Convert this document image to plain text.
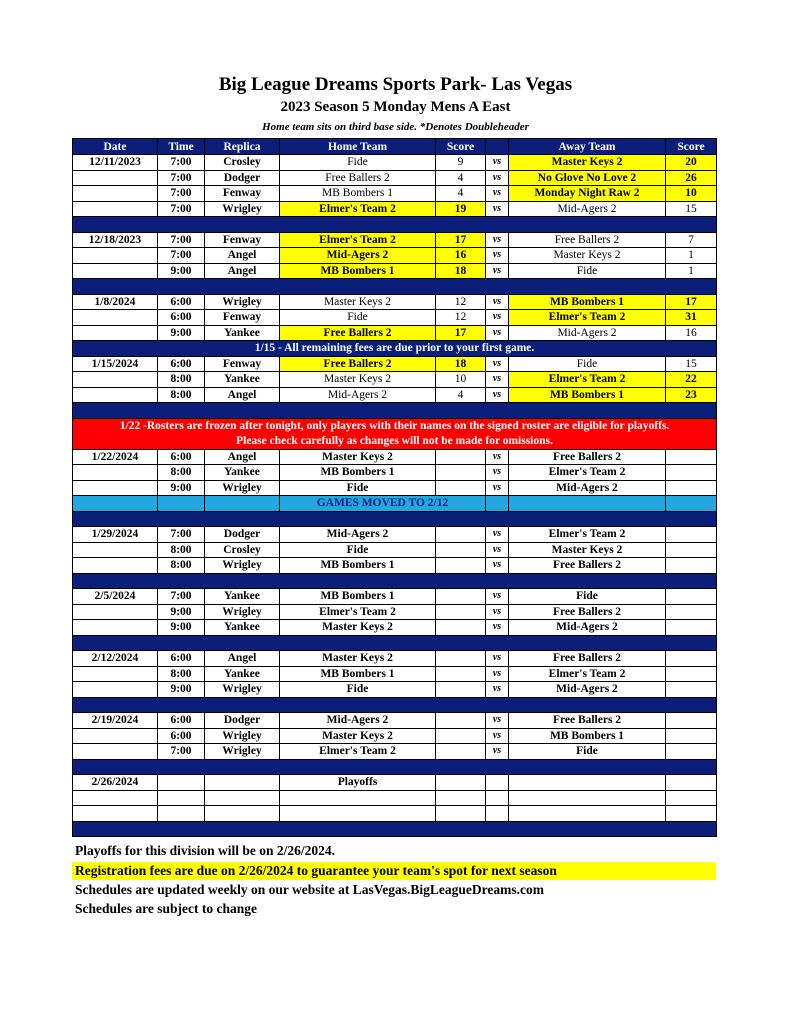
Big League Dreams Sports Park- Las Vegas
2023 Season 5 Monday Mens A East
Home team sits on third base side. *Denotes Doubleheader
Date	Time	Replica	Home Team	Score		Away Team	Score
12/11/2023	7:00	Crosley	Fide	9	vs	Master Keys 2	20
	7:00	Dodger	Free Ballers 2	4	vs	No Glove No Love 2	26
	7:00	Fenway	MB Bombers 1	4	vs	Monday Night Raw 2	10
	7:00	Wrigley	Elmer's Team 2	19	vs	Mid-Agers 2	15

12/18/2023	7:00	Fenway	Elmer's Team 2	17	vs	Free Ballers 2	7
	7:00	Angel	Mid-Agers 2	16	vs	Master Keys 2	1
	9:00	Angel	MB Bombers 1	18	vs	Fide	1

1/8/2024	6:00	Wrigley	Master Keys 2	12	vs	MB Bombers 1	17
	6:00	Fenway	Fide	12	vs	Elmer's Team 2	31
	9:00	Yankee	Free Ballers 2	17	vs	Mid-Agers 2	16
1/15 - All remaining fees are due prior to your first game.							
1/15/2024	6:00	Fenway	Free Ballers 2	18	vs	Fide	15
	8:00	Yankee	Master Keys 2	10	vs	Elmer's Team 2	22
	8:00	Angel	Mid-Agers 2	4	vs	MB Bombers 1	23

1/22 -Rosters are frozen after tonight, only players with their names on the signed roster are eligible for playoffs.
Please check carefully as changes will not be made for omissions.							

1/22/2024	6:00	Angel	Master Keys 2		vs	Free Ballers 2	
	8:00	Yankee	MB Bombers 1		vs	Elmer's Team 2	
	9:00	Wrigley	Fide		vs	Mid-Agers 2	
			GAMES MOVED TO 2/12				

1/29/2024	7:00	Dodger	Mid-Agers 2		vs	Elmer's Team 2	
	8:00	Crosley	Fide		vs	Master Keys 2	
	8:00	Wrigley	MB Bombers 1		vs	Free Ballers 2	

2/5/2024	7:00	Yankee	MB Bombers 1		vs	Fide	
	9:00	Wrigley	Elmer's Team 2		vs	Free Ballers 2	
	9:00	Yankee	Master Keys 2		vs	Mid-Agers 2	

2/12/2024	6:00	Angel	Master Keys 2		vs	Free Ballers 2	
	8:00	Yankee	MB Bombers 1		vs	Elmer's Team 2	
	9:00	Wrigley	Fide		vs	Mid-Agers 2	

2/19/2024	6:00	Dodger	Mid-Agers 2		vs	Free Ballers 2	
	6:00	Wrigley	Master Keys 2		vs	MB Bombers 1	
	7:00	Wrigley	Elmer's Team 2		vs	Fide	

2/26/2024			Playoffs				

Playoffs for this division will be on 2/26/2024.
Registration fees are due on 2/26/2024 to guarantee your team's spot for next season
Schedules are updated weekly on our website at LasVegas.BigLeagueDreams.com
Schedules are subject to change
